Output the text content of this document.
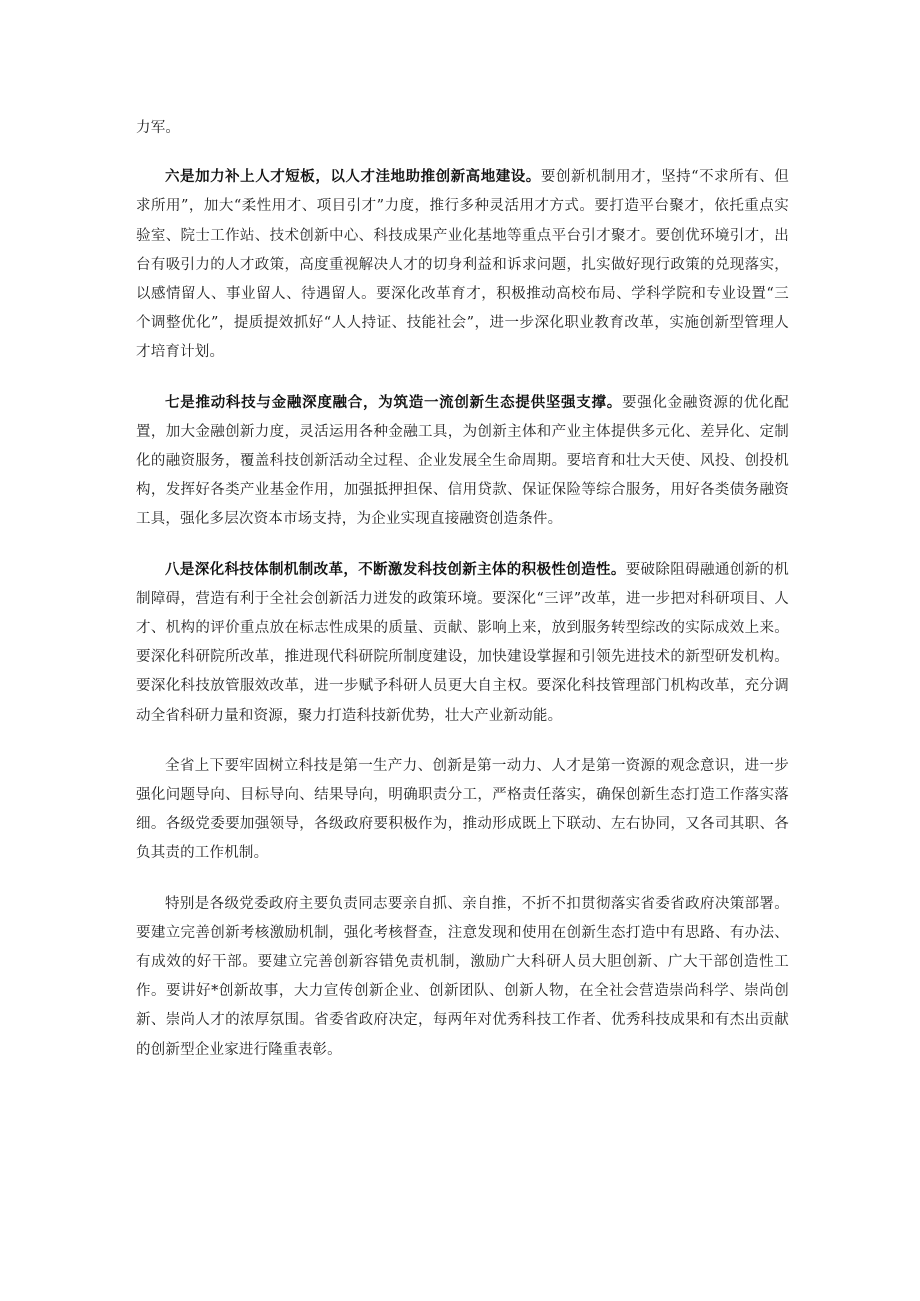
力军。

六是加力补上人才短板，以人才洼地助推创新高地建设。要创新机制用才，坚持“不求所有、但求所用”，加大“柔性用才、项目引才”力度，推行多种灵活用才方式。要打造平台聚才，依托重点实验室、院士工作站、技术创新中心、科技成果产业化基地等重点平台引才聚才。要创优环境引才，出台有吸引力的人才政策，高度重视解决人才的切身利益和诉求问题，扎实做好现行政策的兑现落实，以感情留人、事业留人、待遇留人。要深化改革育才，积极推动高校布局、学科学院和专业设置“三个调整优化”，提质提效抓好“人人持证、技能社会”，进一步深化职业教育改革，实施创新型管理人才培育计划。

七是推动科技与金融深度融合，为筑造一流创新生态提供坚强支撑。要强化金融资源的优化配置，加大金融创新力度，灵活运用各种金融工具，为创新主体和产业主体提供多元化、差异化、定制化的融资服务，覆盖科技创新活动全过程、企业发展全生命周期。要培育和壮大天使、风投、创投机构，发挥好各类产业基金作用，加强抵押担保、信用贷款、保证保险等综合服务，用好各类债务融资工具，强化多层次资本市场支持，为企业实现直接融资创造条件。

八是深化科技体制机制改革，不断激发科技创新主体的积极性创造性。要破除阻碍融通创新的机制障碍，营造有利于全社会创新活力迸发的政策环境。要深化“三评”改革，进一步把对科研项目、人才、机构的评价重点放在标志性成果的质量、贡献、影响上来，放到服务转型综改的实际成效上来。要深化科研院所改革，推进现代科研院所制度建设，加快建设掌握和引领先进技术的新型研发机构。要深化科技放管服效改革，进一步赋予科研人员更大自主权。要深化科技管理部门机构改革，充分调动全省科研力量和资源，聚力打造科技新优势，壮大产业新动能。

全省上下要牢固树立科技是第一生产力、创新是第一动力、人才是第一资源的观念意识，进一步强化问题导向、目标导向、结果导向，明确职责分工，严格责任落实，确保创新生态打造工作落实落细。各级党委要加强领导，各级政府要积极作为，推动形成既上下联动、左右协同，又各司其职、各负其责的工作机制。

特别是各级党委政府主要负责同志要亲自抓、亲自推，不折不扣贯彻落实省委省政府决策部署。要建立完善创新考核激励机制，强化考核督查，注意发现和使用在创新生态打造中有思路、有办法、有成效的好干部。要建立完善创新容错免责机制，激励广大科研人员大胆创新、广大干部创造性工作。要讲好*创新故事，大力宣传创新企业、创新团队、创新人物，在全社会营造崇尚科学、崇尚创新、崇尚人才的浓厚氛围。省委省政府决定，每两年对优秀科技工作者、优秀科技成果和有杰出贡献的创新型企业家进行隆重表彰。
